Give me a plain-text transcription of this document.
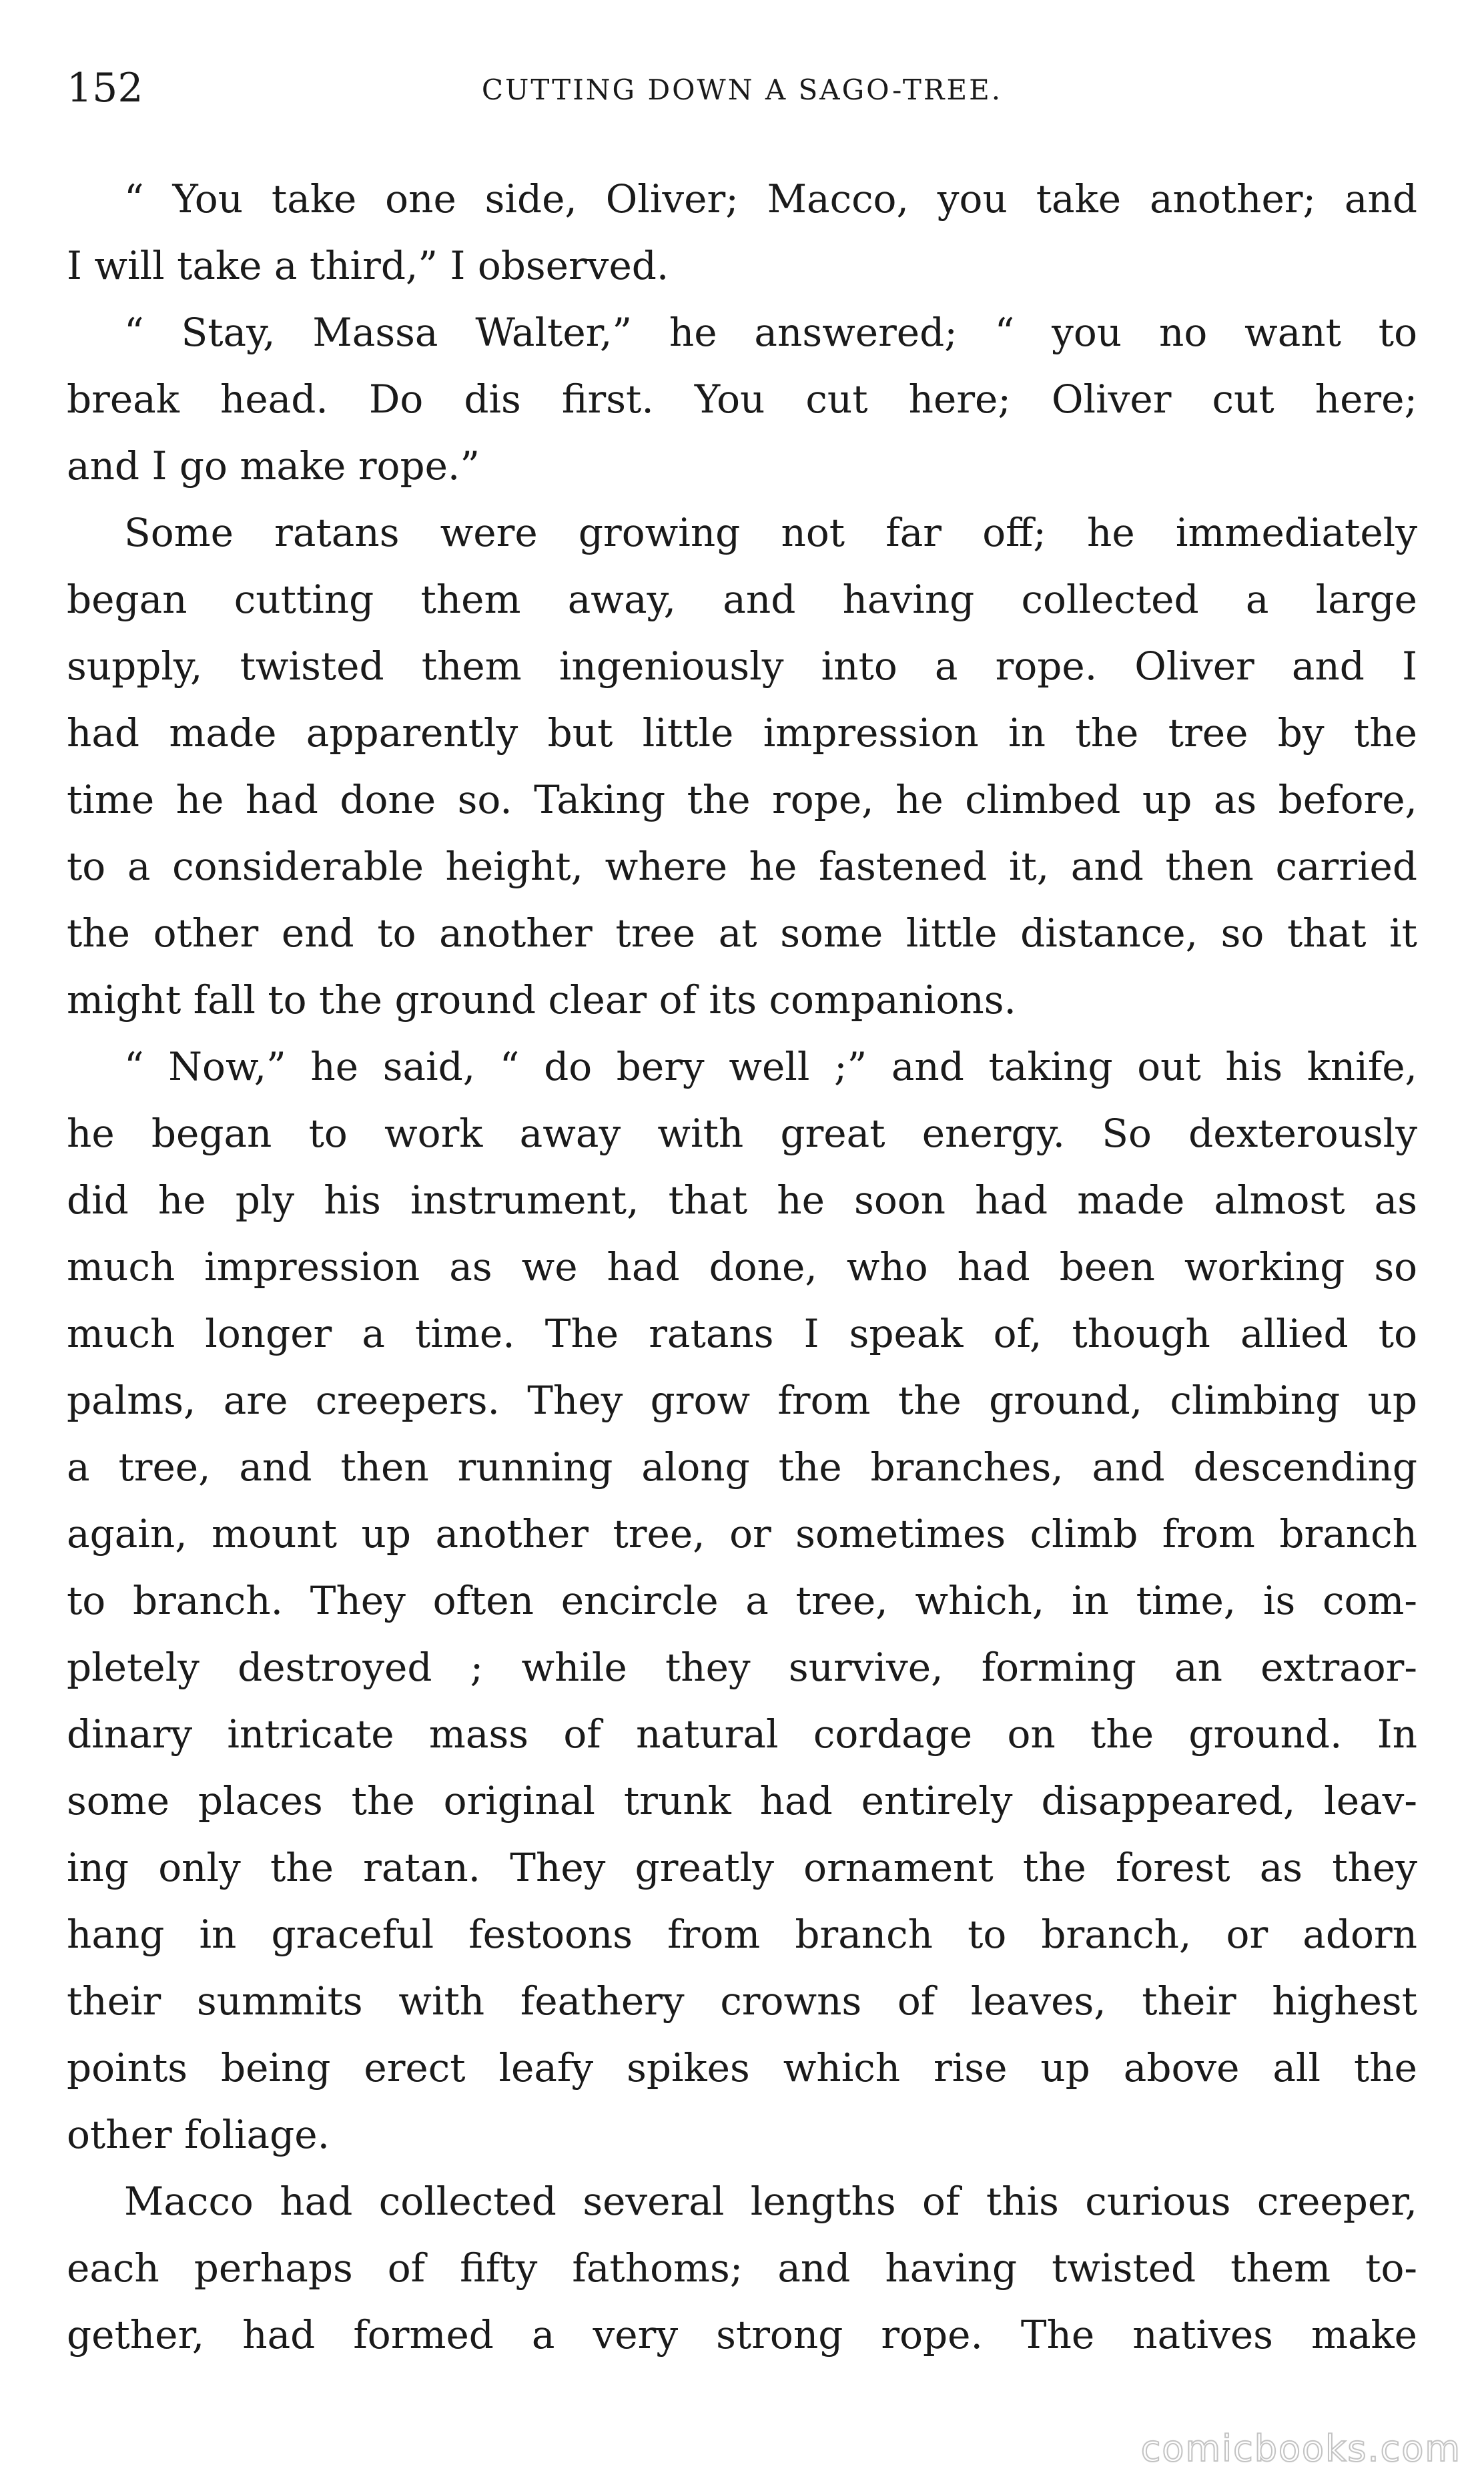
152	CUTTING DOWN A SAGO-TREE.
“ You take one side, Oliver; Macco, you take another; and
I will take a third,” I observed.
“ Stay, Massa Walter,” he answered; “ you no want to
break head. Do dis first. You cut here; Oliver cut here;
and I go make rope.”
Some ratans were growing not far off; he immediately
began cutting them away, and having collected a large
supply, twisted them ingeniously into a rope. Oliver and I
had made apparently but little impression in the tree by the
time he had done so. Taking the rope, he climbed up as before,
to a considerable height, where he fastened it, and then carried
the other end to another tree at some little distance, so that it
might fall to the ground clear of its companions.
“ Now,” he said, “ do bery well ;” and taking out his knife,
he began to work away with great energy. So dexterously
did he ply his instrument, that he soon had made almost as
much impression as we had done, who had been working so
much longer a time. The ratans I speak of, though allied to
palms, are creepers. They grow from the ground, climbing up
a tree, and then running along the branches, and descending
again, mount up another tree, or sometimes climb from branch
to branch. They often encircle a tree, which, in time, is com-
pletely destroyed ; while they survive, forming an extraor-
dinary intricate mass of natural cordage on the ground. In
some places the original trunk had entirely disappeared, leav-
ing only the ratan. They greatly ornament the forest as they
hang in graceful festoons from branch to branch, or adorn
their summits with feathery crowns of leaves, their highest
points being erect leafy spikes which rise up above all the
other foliage.
Macco had collected several lengths of this curious creeper,
each perhaps of fifty fathoms; and having twisted them to-
gether, had formed a very strong rope. The natives make
comicbooks.com
